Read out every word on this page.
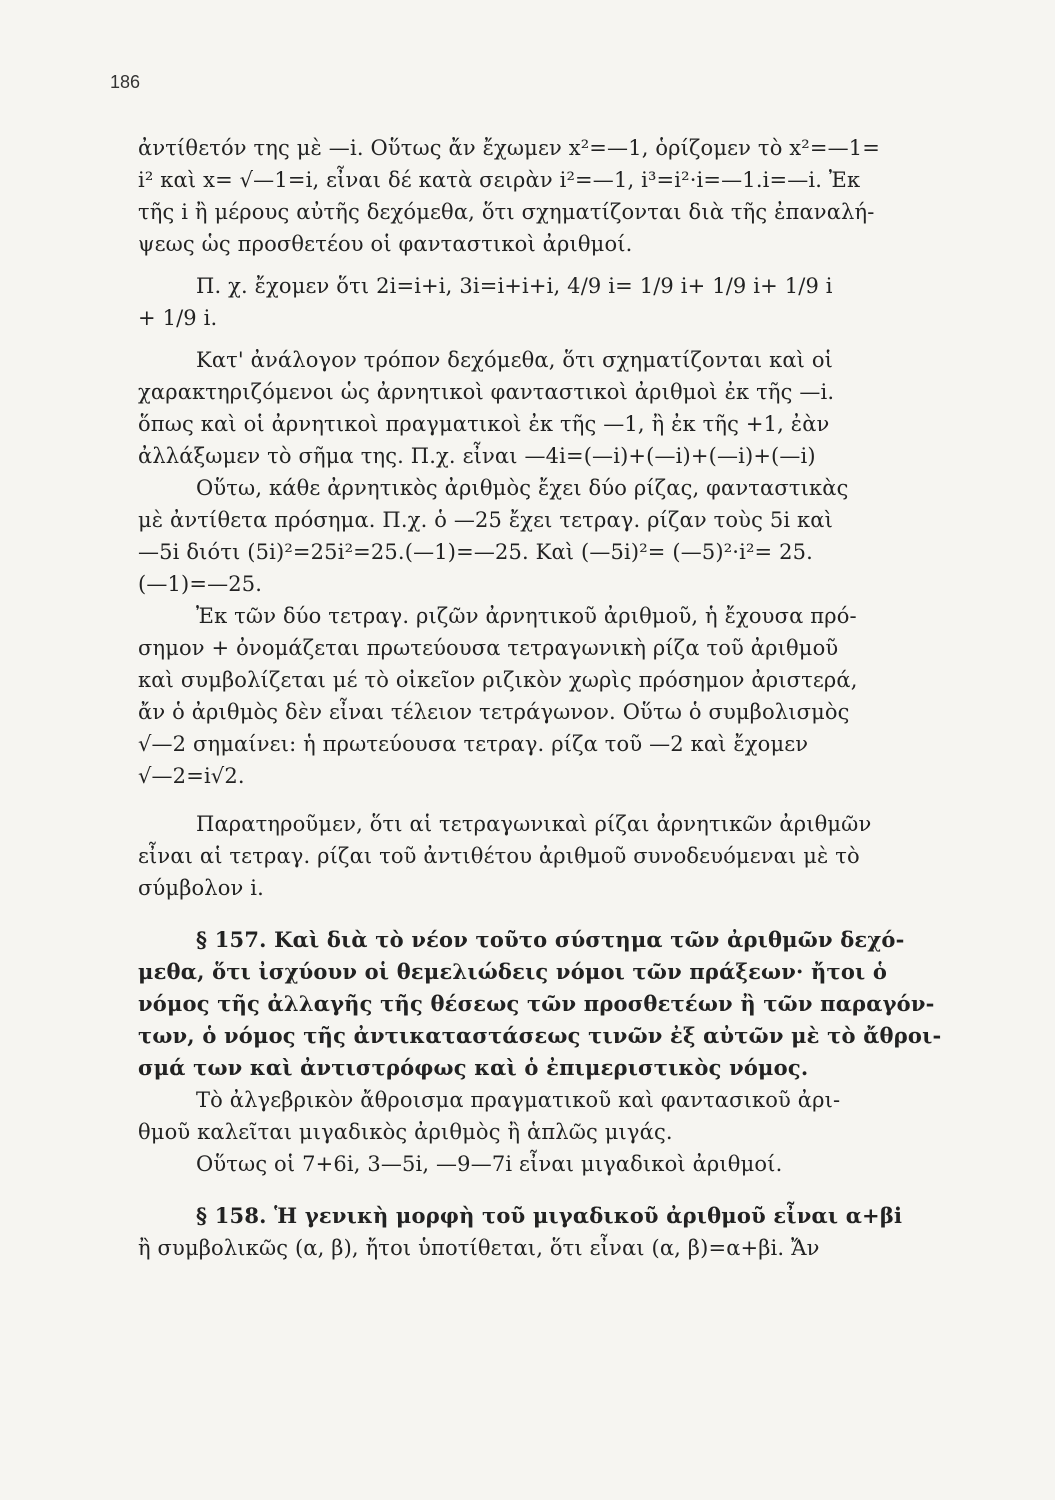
186

ἀντίθετόν της μὲ —i. Οὕτως ἄν ἔχωμεν x²=—1, ὁρίζομεν τὸ x²=—1=

i² καὶ x= √—1=i, εἶναι δέ κατὰ σειρὰν i²=—1, i³=i²·i=—1.i=—i. Ἐκ

τῆς i ἢ μέρους αὐτῆς δεχόμεθα, ὅτι σχηματίζονται διὰ τῆς ἐπαναλή-

ψεως ὡς προσθετέου οἱ φανταστικοὶ ἀριθμοί.

Π. χ. ἔχομεν ὅτι 2i=i+i, 3i=i+i+i, 4/9 i= 1/9 i+ 1/9 i+ 1/9 i

+ 1/9 i.

Κατ' ἀνάλογον τρόπον δεχόμεθα, ὅτι σχηματίζονται καὶ οἱ

χαρακτηριζόμενοι ὡς ἀρνητικοὶ φανταστικοὶ ἀριθμοὶ ἐκ τῆς —i.

ὅπως καὶ οἱ ἀρνητικοὶ πραγματικοὶ ἐκ τῆς —1, ἢ ἐκ τῆς +1, ἐὰν

ἀλλάξωμεν τὸ σῆμα της. Π.χ. εἶναι —4i=(—i)+(—i)+(—i)+(—i)

Οὕτω, κάθε ἀρνητικὸς ἀριθμὸς ἔχει δύο ρίζας, φανταστικὰς

μὲ ἀντίθετα πρόσημα. Π.χ. ὁ —25 ἔχει τετραγ. ρίζαν τοὺς 5i καὶ

—5i διότι (5i)²=25i²=25.(—1)=—25. Καὶ (—5i)²= (—5)²·i²= 25.

(—1)=—25.

Ἐκ τῶν δύο τετραγ. ριζῶν ἀρνητικοῦ ἀριθμοῦ, ἡ ἔχουσα πρό-

σημον + ὀνομάζεται πρωτεύουσα τετραγωνικὴ ρίζα τοῦ ἀριθμοῦ

καὶ συμβολίζεται μέ τὸ οἰκεῖον ριζικὸν χωρὶς πρόσημον ἀριστερά,

ἄν ὁ ἀριθμὸς δὲν εἶναι τέλειον τετράγωνον. Οὕτω ὁ συμβολισμὸς

√—2 σημαίνει: ἡ πρωτεύουσα τετραγ. ρίζα τοῦ —2 καὶ ἔχομεν

√—2=i√2.

Παρατηροῦμεν, ὅτι αἱ τετραγωνικαὶ ρίζαι ἀρνητικῶν ἀριθμῶν

εἶναι αἱ τετραγ. ρίζαι τοῦ ἀντιθέτου ἀριθμοῦ συνοδευόμεναι μὲ τὸ

σύμβολον i.

§ 157. Καὶ διὰ τὸ νέον τοῦτο σύστημα τῶν ἀριθμῶν δεχό-

μεθα, ὅτι ἰσχύουν οἱ θεμελιώδεις νόμοι τῶν πράξεων· ἤτοι ὁ

νόμος τῆς ἀλλαγῆς τῆς θέσεως τῶν προσθετέων ἢ τῶν παραγόν-

των, ὁ νόμος τῆς ἀντικαταστάσεως τινῶν ἐξ αὐτῶν μὲ τὸ ἄθροι-

σμά των καὶ ἀντιστρόφως καὶ ὁ ἐπιμεριστικὸς νόμος.

Τὸ ἀλγεβρικὸν ἄθροισμα πραγματικοῦ καὶ φαντασικοῦ ἀρι-

θμοῦ καλεῖται μιγαδικὸς ἀριθμὸς ἢ ἁπλῶς μιγάς.

Οὕτως οἱ 7+6i, 3—5i, —9—7i εἶναι μιγαδικοὶ ἀριθμοί.

§ 158. Ἡ γενικὴ μορφὴ τοῦ μιγαδικοῦ ἀριθμοῦ εἶναι α+βi

ἢ συμβολικῶς (α, β), ἤτοι ὑποτίθεται, ὅτι εἶναι (α, β)=α+βi. Ἄν
